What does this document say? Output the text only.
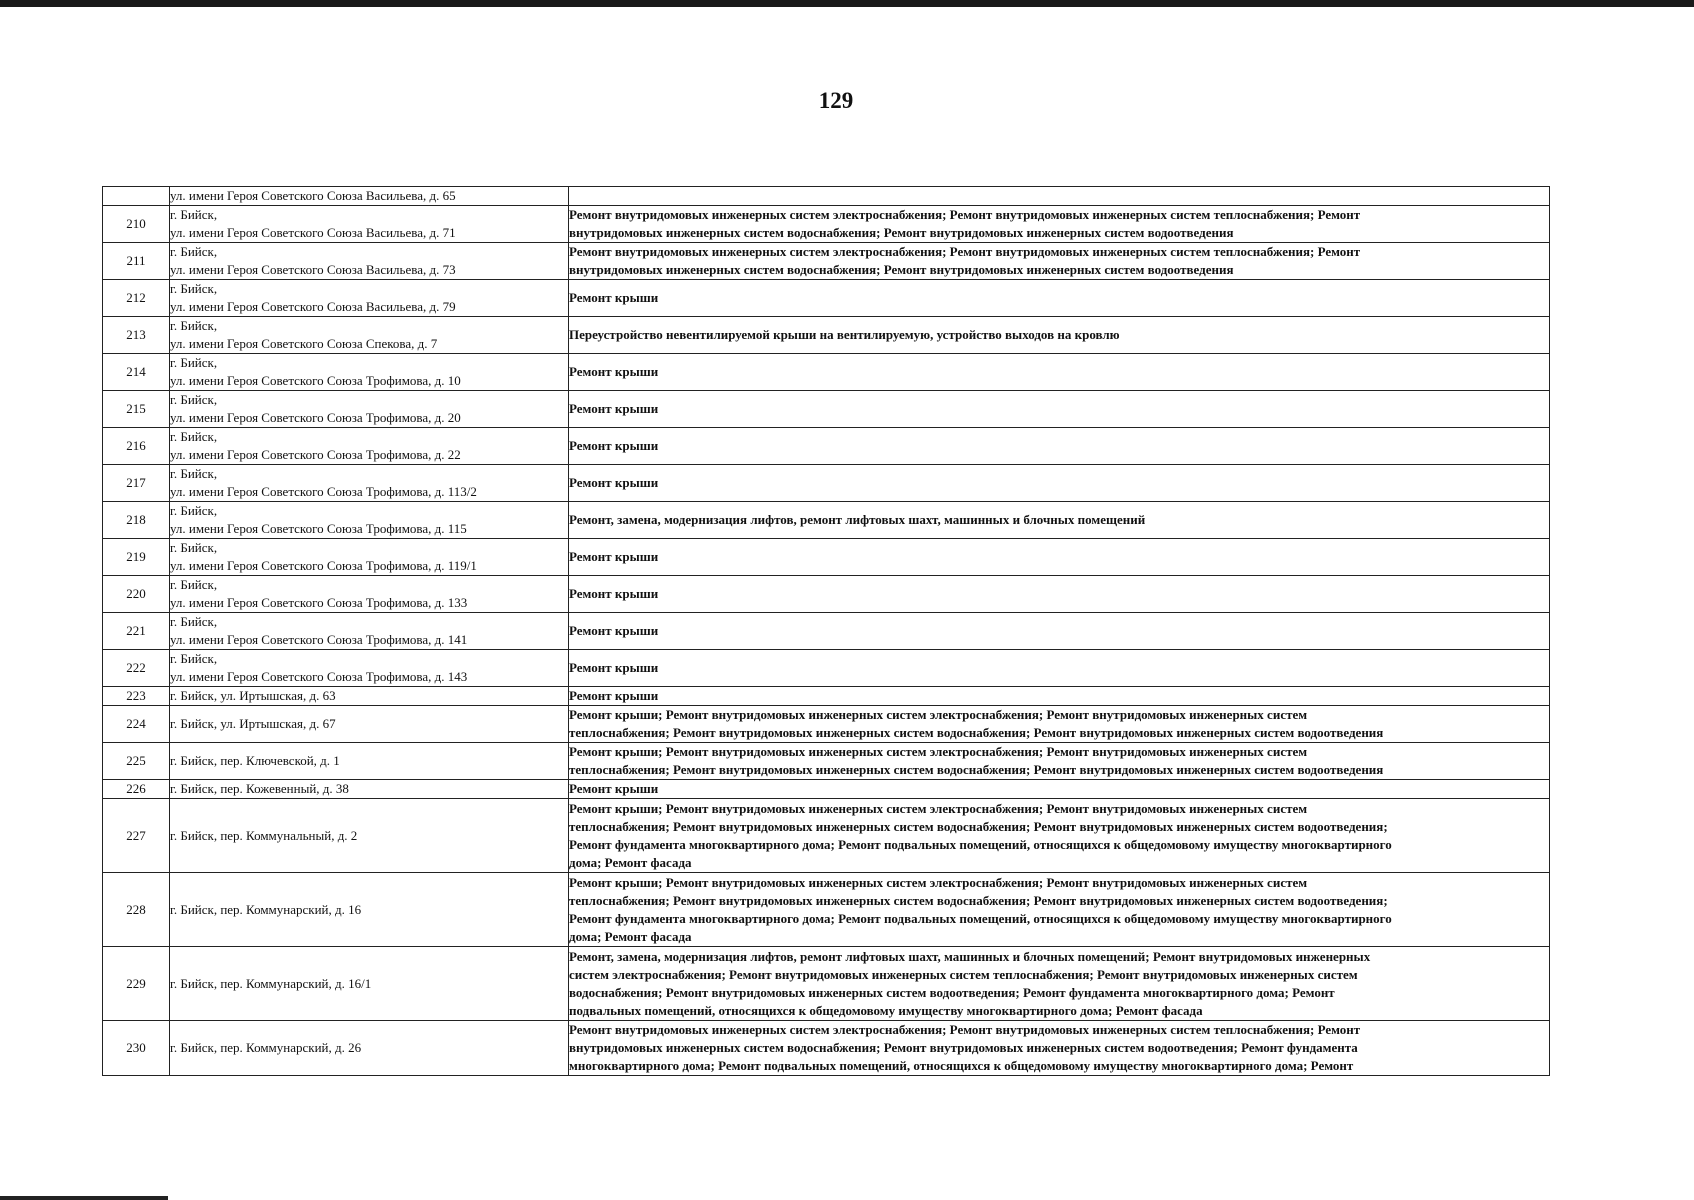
129

	ул. имени Героя Советского Союза Васильева, д. 65	

210	г. Бийск,
ул. имени Героя Советского Союза Васильева, д. 71	Ремонт внутридомовых инженерных систем электроснабжения; Ремонт внутридомовых инженерных систем теплоснабжения; Ремонт
внутридомовых инженерных систем водоснабжения; Ремонт внутридомовых инженерных систем водоотведения

211	г. Бийск,
ул. имени Героя Советского Союза Васильева, д. 73	Ремонт внутридомовых инженерных систем электроснабжения; Ремонт внутридомовых инженерных систем теплоснабжения; Ремонт
внутридомовых инженерных систем водоснабжения; Ремонт внутридомовых инженерных систем водоотведения

212	г. Бийск,
ул. имени Героя Советского Союза Васильева, д. 79	Ремонт крыши

213	г. Бийск,
ул. имени Героя Советского Союза Спекова, д. 7	Переустройство невентилируемой крыши на вентилируемую, устройство выходов на кровлю

214	г. Бийск,
ул. имени Героя Советского Союза Трофимова, д. 10	Ремонт крыши

215	г. Бийск,
ул. имени Героя Советского Союза Трофимова, д. 20	Ремонт крыши

216	г. Бийск,
ул. имени Героя Советского Союза Трофимова, д. 22	Ремонт крыши

217	г. Бийск,
ул. имени Героя Советского Союза Трофимова, д. 113/2	Ремонт крыши

218	г. Бийск,
ул. имени Героя Советского Союза Трофимова, д. 115	Ремонт, замена, модернизация лифтов, ремонт лифтовых шахт, машинных и блочных помещений

219	г. Бийск,
ул. имени Героя Советского Союза Трофимова, д. 119/1	Ремонт крыши

220	г. Бийск,
ул. имени Героя Советского Союза Трофимова, д. 133	Ремонт крыши

221	г. Бийск,
ул. имени Героя Советского Союза Трофимова, д. 141	Ремонт крыши

222	г. Бийск,
ул. имени Героя Советского Союза Трофимова, д. 143	Ремонт крыши

223	г. Бийск, ул. Иртышская, д. 63	Ремонт крыши

224	г. Бийск, ул. Иртышская, д. 67	Ремонт крыши; Ремонт внутридомовых инженерных систем электроснабжения; Ремонт внутридомовых инженерных систем
теплоснабжения; Ремонт внутридомовых инженерных систем водоснабжения; Ремонт внутридомовых инженерных систем водоотведения

225	г. Бийск, пер. Ключевской, д. 1	Ремонт крыши; Ремонт внутридомовых инженерных систем электроснабжения; Ремонт внутридомовых инженерных систем
теплоснабжения; Ремонт внутридомовых инженерных систем водоснабжения; Ремонт внутридомовых инженерных систем водоотведения

226	г. Бийск, пер. Кожевенный, д. 38	Ремонт крыши

227	г. Бийск, пер. Коммунальный, д. 2	Ремонт крыши; Ремонт внутридомовых инженерных систем электроснабжения; Ремонт внутридомовых инженерных систем
теплоснабжения; Ремонт внутридомовых инженерных систем водоснабжения; Ремонт внутридомовых инженерных систем водоотведения;
Ремонт фундамента многоквартирного дома; Ремонт подвальных помещений, относящихся к общедомовому имуществу многоквартирного
дома; Ремонт фасада

228	г. Бийск, пер. Коммунарский, д. 16	Ремонт крыши; Ремонт внутридомовых инженерных систем электроснабжения; Ремонт внутридомовых инженерных систем
теплоснабжения; Ремонт внутридомовых инженерных систем водоснабжения; Ремонт внутридомовых инженерных систем водоотведения;
Ремонт фундамента многоквартирного дома; Ремонт подвальных помещений, относящихся к общедомовому имуществу многоквартирного
дома; Ремонт фасада

229	г. Бийск, пер. Коммунарский, д. 16/1	Ремонт, замена, модернизация лифтов, ремонт лифтовых шахт, машинных и блочных помещений; Ремонт внутридомовых инженерных
систем электроснабжения; Ремонт внутридомовых инженерных систем теплоснабжения; Ремонт внутридомовых инженерных систем
водоснабжения; Ремонт внутридомовых инженерных систем водоотведения; Ремонт фундамента многоквартирного дома; Ремонт
подвальных помещений, относящихся к общедомовому имуществу многоквартирного дома; Ремонт фасада

230	г. Бийск, пер. Коммунарский, д. 26	Ремонт внутридомовых инженерных систем электроснабжения; Ремонт внутридомовых инженерных систем теплоснабжения; Ремонт
внутридомовых инженерных систем водоснабжения; Ремонт внутридомовых инженерных систем водоотведения; Ремонт фундамента
многоквартирного дома; Ремонт подвальных помещений, относящихся к общедомовому имуществу многоквартирного дома; Ремонт
